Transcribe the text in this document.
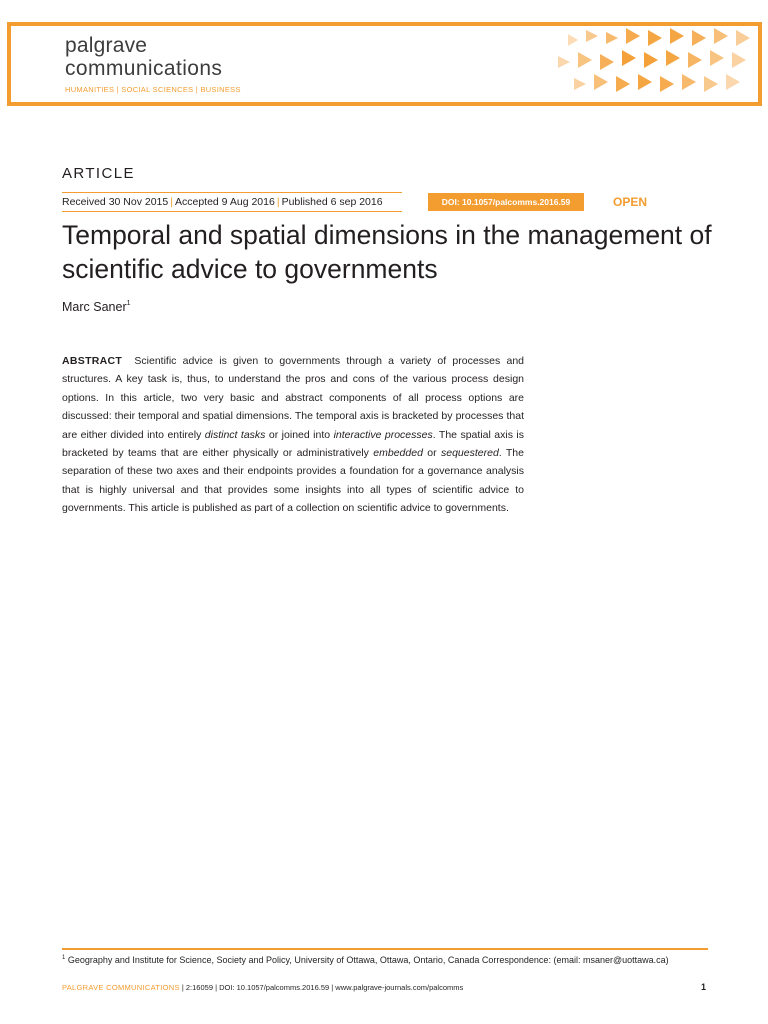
palgrave
communications
HUMANITIES | SOCIAL SCIENCES | BUSINESS
ARTICLE
Received 30 Nov 2015 | Accepted 9 Aug 2016 | Published 6 sep 2016	DOI: 10.1057/palcomms.2016.59	OPEN
Temporal and spatial dimensions in the management of scientific advice to governments
Marc Saner$^1$

ABSTRACT Scientific advice is given to governments through a variety of processes and structures. A key task is, thus, to understand the pros and cons of the various process design options. In this article, two very basic and abstract components of all process options are discussed: their temporal and spatial dimensions. The temporal axis is bracketed by processes that are either divided into entirely distinct tasks or joined into interactive processes. The spatial axis is bracketed by teams that are either physically or administratively embedded or sequestered. The separation of these two axes and their endpoints provides a foundation for a governance analysis that is highly universal and that provides some insights into all types of scientific advice to governments. This article is published as part of a collection on scientific advice to governments.

$^1$ Geography and Institute for Science, Society and Policy, University of Ottawa, Ottawa, Ontario, Canada Correspondence: (email: msaner@uottawa.ca)
PALGRAVE COMMUNICATIONS | 2:16059 | DOI: 10.1057/palcomms.2016.59 | www.palgrave-journals.com/palcomms	1
